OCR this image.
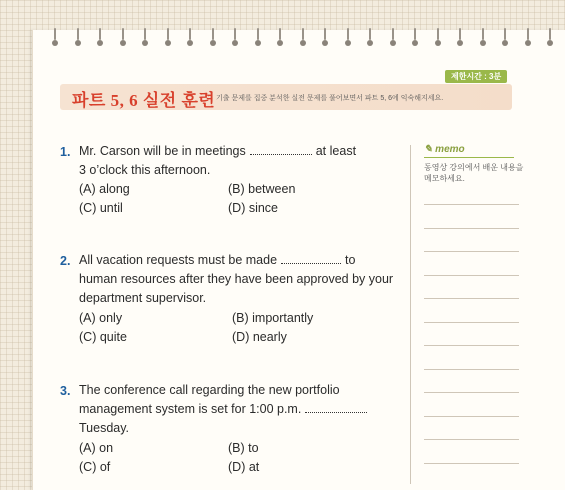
제한시간 : 3분
파트 5, 6 실전 훈련 기출 문제를 집중 분석한 실전 문제를 풀어보면서 파트 5, 6에 익숙해지세요.
1. Mr. Carson will be in meetings	at least
3 o’clock this afternoon.
(A) along	(B) between
(C) until	(D) since
2. All vacation requests must be made	to
human resources after they have been approved by your
department supervisor.
(A) only	(B) importantly
(C) quite	(D) nearly
3. The conference call regarding the new portfolio
management system is set for 1:00 p.m.
Tuesday.
(A) on	(B) to
(C) of	(D) at
✎ memo
동영상 강의에서 배운 내용을 메모하세요.
